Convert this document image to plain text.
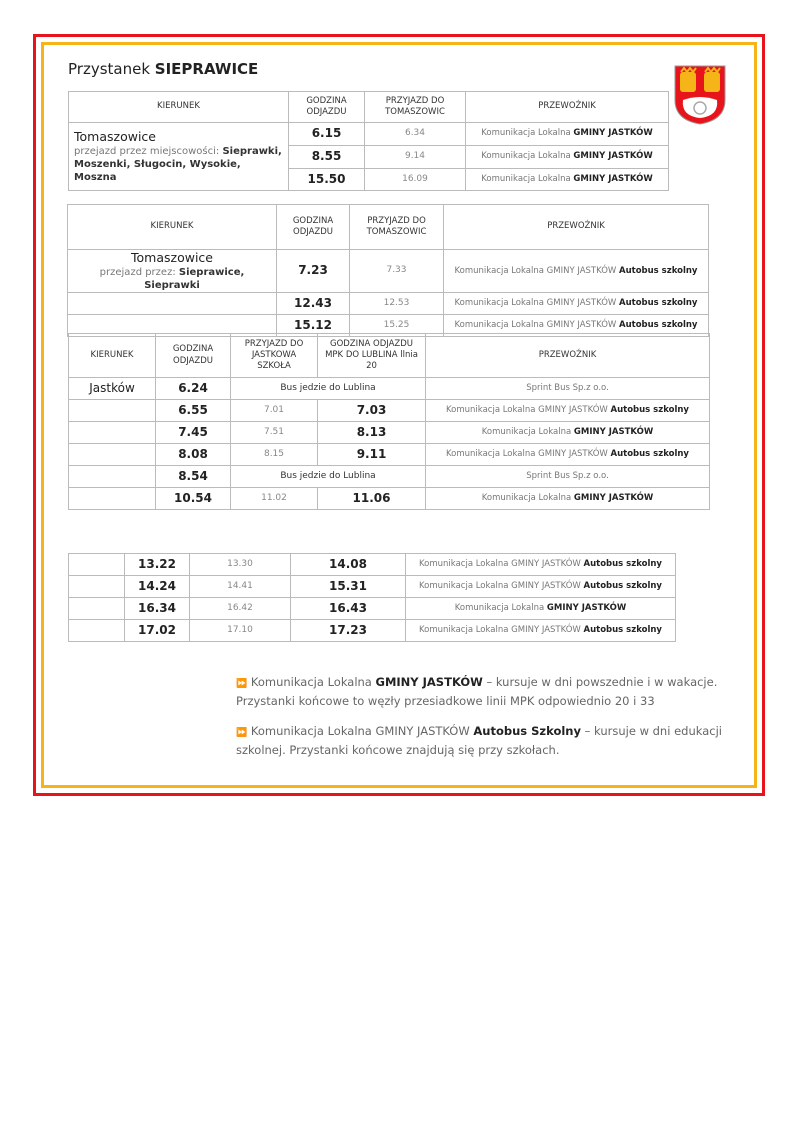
Przystanek SIEPRAWICE
KIERUNEK	GODZINA ODJAZDU	PRZYJAZD DO TOMASZOWIC	PRZEWOŹNIK

Tomaszowice
przejazd przez miejscowości: Sieprawki, Moszenki, Sługocin, Wysokie, Moszna	6.15	6.34	Komunikacja Lokalna GMINY JASTKÓW
	8.55	9.14	Komunikacja Lokalna GMINY JASTKÓW
	15.50	16.09	Komunikacja Lokalna GMINY JASTKÓW
KIERUNEK	GODZINA ODJAZDU	PRZYJAZD DO TOMASZOWIC	PRZEWOŹNIK

Tomaszowice
przejazd przez: Sieprawice, Sieprawki	7.23	7.33	Komunikacja Lokalna GMINY JASTKÓW Autobus szkolny
	12.43	12.53	Komunikacja Lokalna GMINY JASTKÓW Autobus szkolny
	15.12	15.25	Komunikacja Lokalna GMINY JASTKÓW Autobus szkolny
KIERUNEK	GODZINA ODJAZDU	PRZYJAZD DO JASTKOWA SZKOŁA	GODZINA ODJAZDU MPK DO LUBLINA llnia 20	PRZEWOŹNIK
Jastków	6.24	Bus jedzie do Lublina		Sprint Bus Sp.z o.o.
	6.55	7.01	7.03	Komunikacja Lokalna GMINY JASTKÓW Autobus szkolny
	7.45	7.51	8.13	Komunikacja Lokalna GMINY JASTKÓW
	8.08	8.15	9.11	Komunikacja Lokalna GMINY JASTKÓW Autobus szkolny
	8.54	Bus jedzie do Lublina		Sprint Bus Sp.z o.o.
	10.54	11.02	11.06	Komunikacja Lokalna GMINY JASTKÓW
	13.22	13.30	14.08	Komunikacja Lokalna GMINY JASTKÓW Autobus szkolny
	14.24	14.41	15.31	Komunikacja Lokalna GMINY JASTKÓW Autobus szkolny
	16.34	16.42	16.43	Komunikacja Lokalna GMINY JASTKÓW
	17.02	17.10	17.23	Komunikacja Lokalna GMINY JASTKÓW Autobus szkolny
⏩ Komunikacja Lokalna GMINY JASTKÓW – kursuje w dni powszednie i w wakacje. Przystanki końcowe to węzły przesiadkowe linii MPK odpowiednio 20 i 33
⏩ Komunikacja Lokalna GMINY JASTKÓW Autobus Szkolny – kursuje w dni edukacji szkolnej. Przystanki końcowe znajdują się przy szkołach.
